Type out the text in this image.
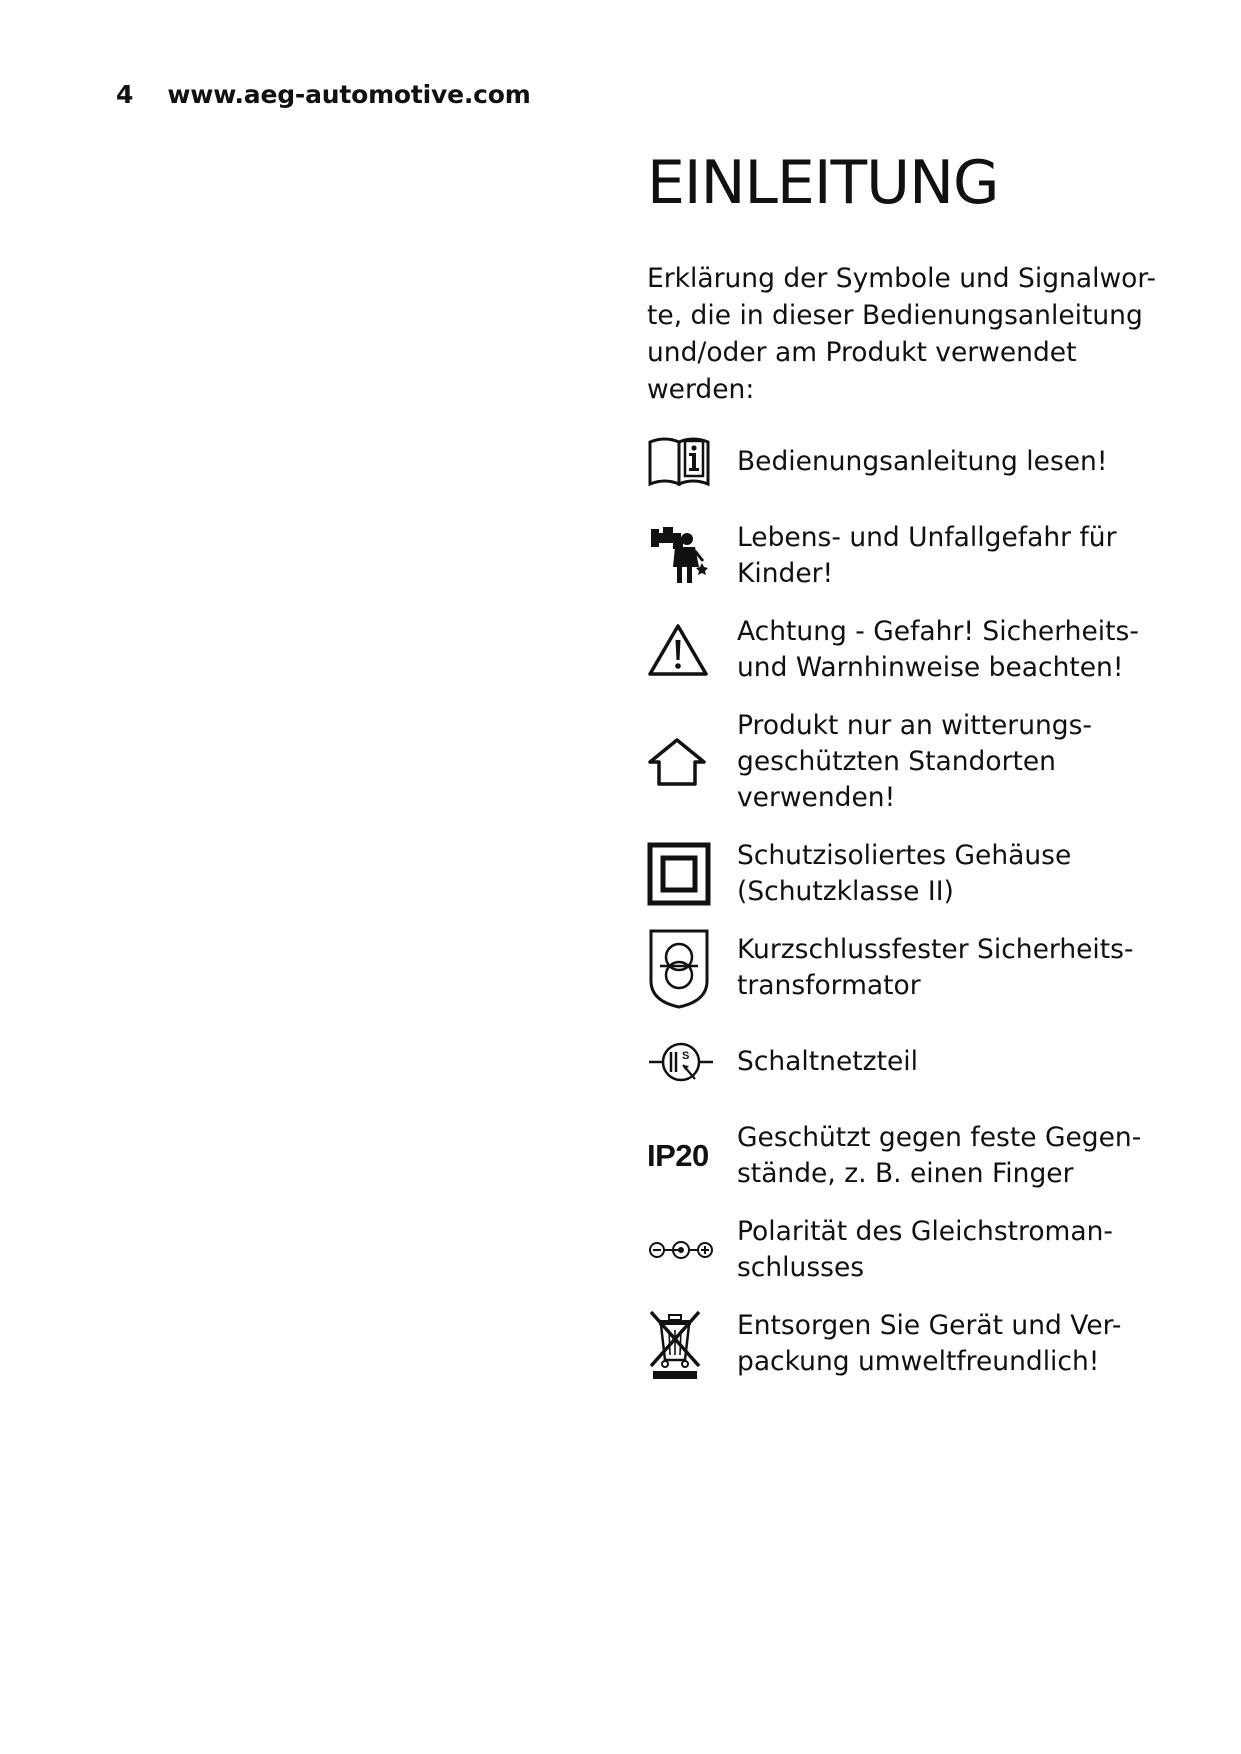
4 www.aeg-automotive.com
EINLEITUNG

Erklärung der Symbole und Signalwor-
te, die in dieser Bedienungsanleitung
und/oder am Produkt verwendet
werden:

Bedienungsanleitung lesen!
Lebens- und Unfallgefahr für
Kinder!
Achtung - Gefahr! Sicherheits-
und Warnhinweise beachten!
Produkt nur an witterungs-
geschützten Standorten
verwenden!
Schutzisoliertes Gehäuse
(Schutzklasse II)
Kurzschlussfester Sicherheits-
transformator
S Schaltnetzteil
IP20
Geschützt gegen feste Gegen-
stände, z. B. einen Finger
Polarität des Gleichstroman-
schlusses
Entsorgen Sie Gerät und Ver-
packung umweltfreundlich!
